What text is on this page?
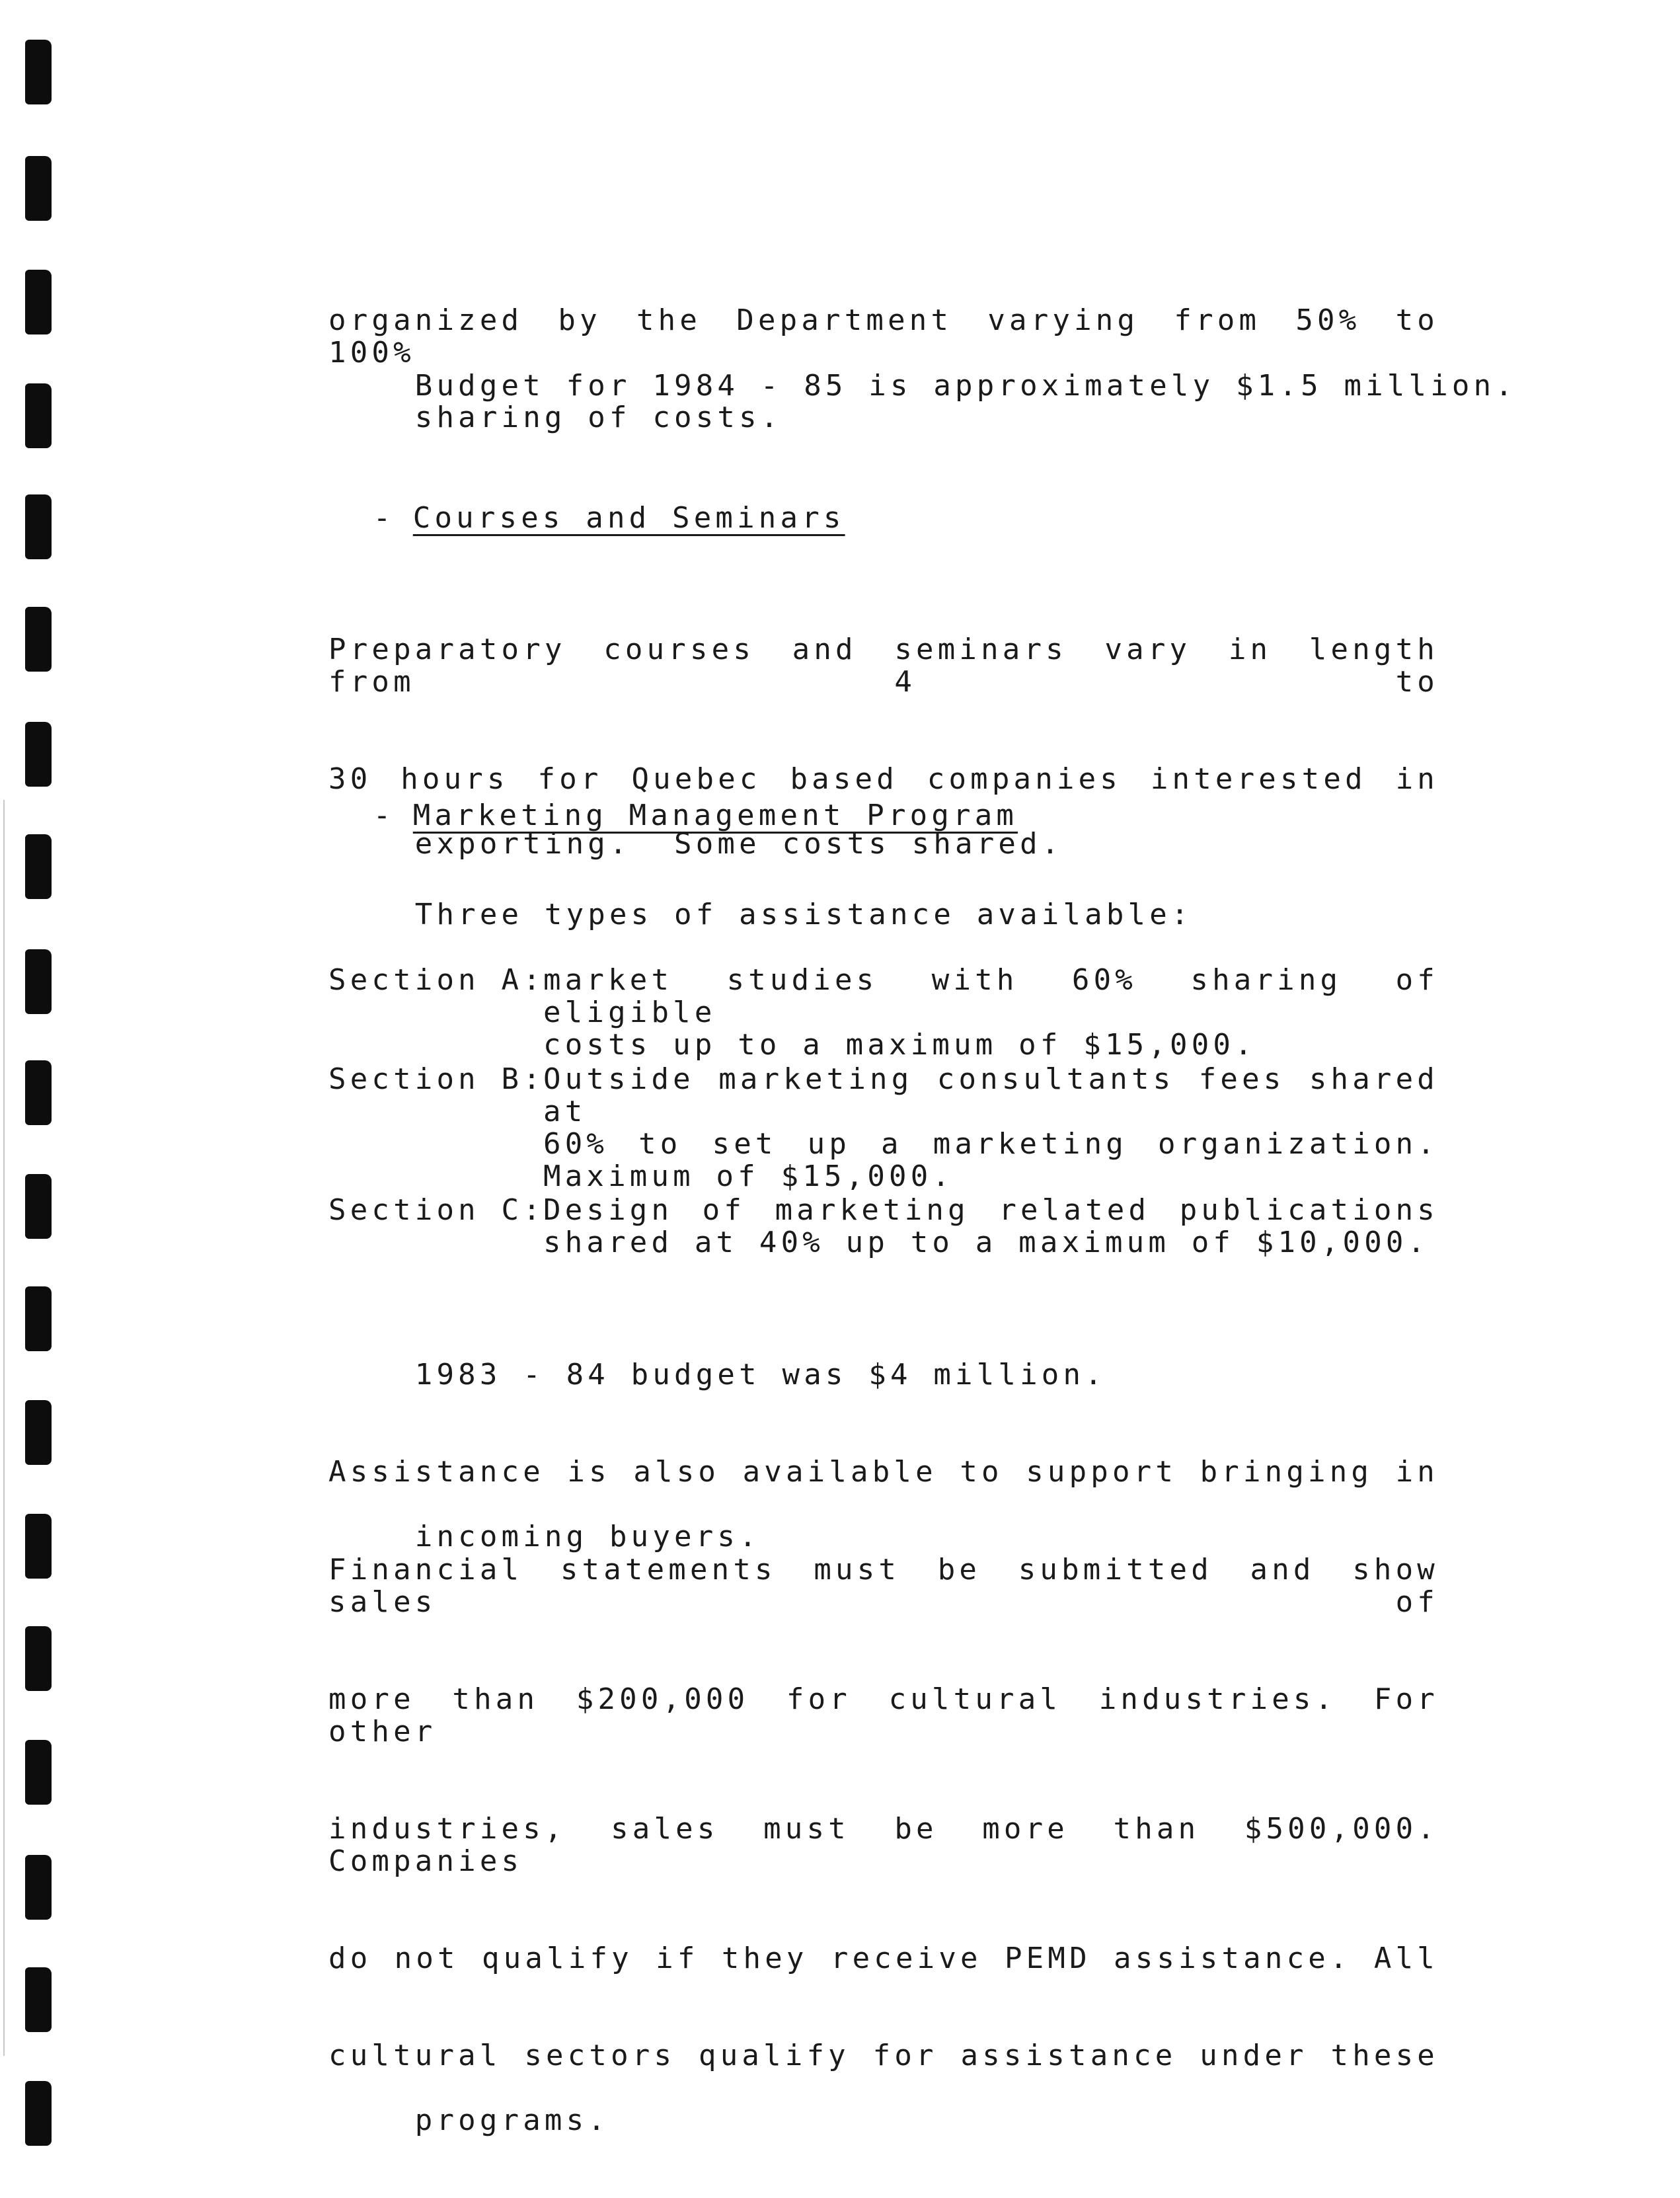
organized by the Department varying from 50% to 100%

sharing of costs.

Budget for 1984 - 85 is approximately $1.5 million.

- Courses and Seminars

Preparatory courses and seminars vary in length from 4 to

30 hours for Quebec based companies interested in

exporting.  Some costs shared.

- Marketing Management Program

Three types of assistance available:

Section A:
market studies with 60% sharing of eligible
costs up to a maximum of $15,000.
Section B:
Outside marketing consultants fees shared at
60% to set up a marketing organization.
Maximum of $15,000.
Section C:
Design of marketing related publications
shared at 40% up to a maximum of $10,000.

1983 - 84 budget was $4 million.

Assistance is also available to support bringing in

incoming buyers.

Financial statements must be submitted and show sales of

more than $200,000 for cultural industries. For other

industries, sales must be more than $500,000. Companies

do not qualify if they receive PEMD assistance. All

cultural sectors qualify for assistance under these

programs.
